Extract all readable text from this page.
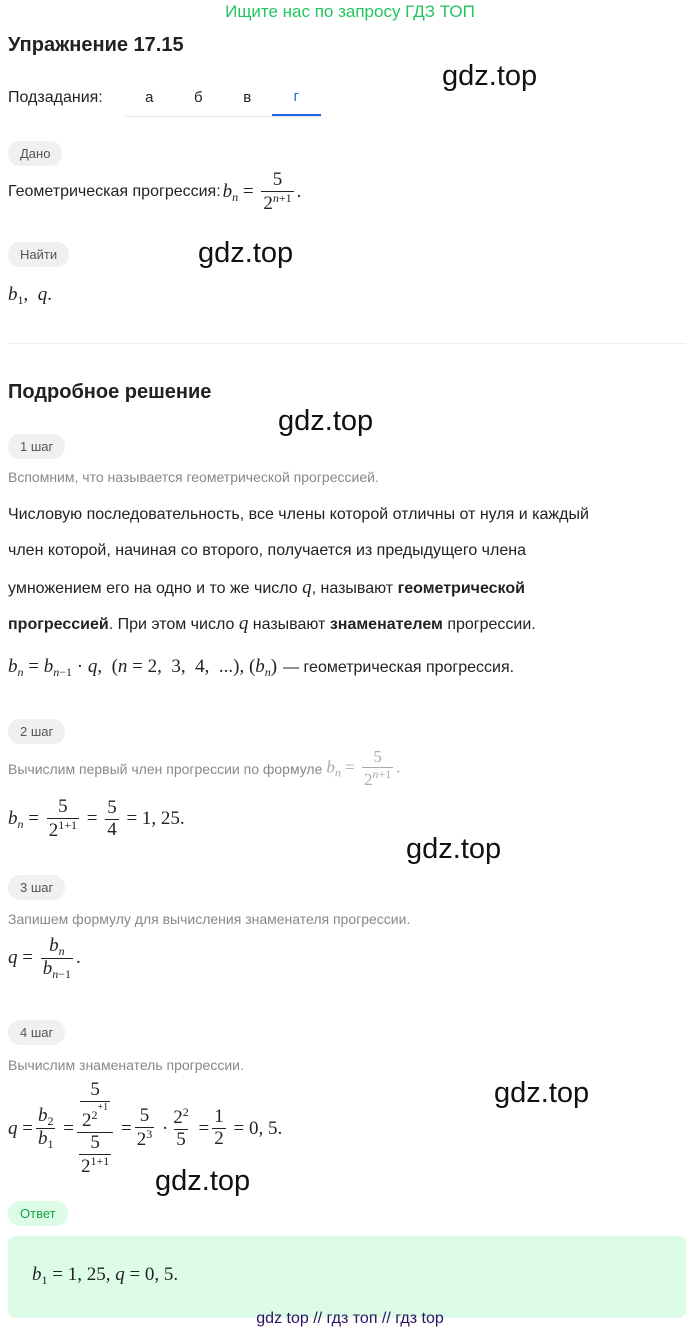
Ищите нас по запросу ГДЗ ТОП
Упражнение 17.15
gdz.top
Подзадания:	а	б	в	г
Дано
Геометрическая прогрессия: $b_n = \frac{5}{2^{n+1}}$ .
Найти	gdz.top
$b_1$,  q.
Подробное решение
gdz.top
1 шаг
Вспомним, что называется геометрической прогрессией.
Числовую последовательность, все члены которой отличны от нуля и каждый
член которой, начиная со второго, получается из предыдущего члена
умножением его на одно и то же число q, называют геометрической
прогрессией. При этом число q называют знаменателем прогрессии.
$b_n = b_{n-1} \cdot q$,  (n = 2,  3,  4,  ...), $(b_n)$ — геометрическая прогрессия.
2 шаг
Вычислим первый член прогрессии по формуле $b_n = \frac{5}{2^{n+1}}$ .
$b_n = \frac{5}{2^{1+1}} = \frac{5}{4} = 1$, 25.
gdz.top
3 шаг
Запишем формулу для вычисления знаменателя прогрессии.
$q = \frac{b_n}{b_{n-1}}$ .
4 шаг
Вычислим знаменатель прогрессии.
gdz.top
$q = \frac{b_2}{b_1} = \frac{\frac{5}{2^{2^{+1}}}}{\frac{5}{2^{1+1}}} = \frac{5}{2^3} \cdot \frac{2^2}{5} = \frac{1}{2} = 0$, 5.
gdz.top
Ответ
$b_1 = 1$, 25, q = 0, 5.
gdz top // гдз топ // гдз top
